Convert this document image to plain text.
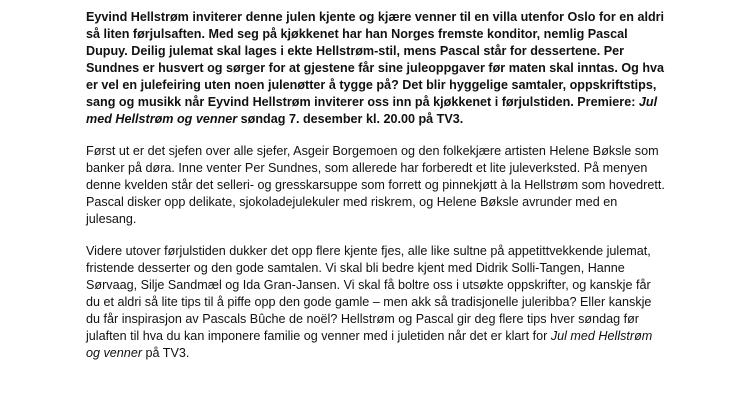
Eyvind Hellstrøm inviterer denne julen kjente og kjære venner til en villa utenfor Oslo for en aldri så liten førjulsaften. Med seg på kjøkkenet har han Norges fremste konditor, nemlig Pascal Dupuy. Deilig julemat skal lages i ekte Hellstrøm-stil, mens Pascal står for dessertene. Per Sundnes er husvert og sørger for at gjestene får sine juleoppgaver før maten skal inntas. Og hva er vel en julefeiring uten noen julenøtter å tygge på? Det blir hyggelige samtaler, oppskriftstips, sang og musikk når Eyvind Hellstrøm inviterer oss inn på kjøkkenet i førjulstiden. Premiere: Jul med Hellstrøm og venner søndag 7. desember kl. 20.00 på TV3.

Først ut er det sjefen over alle sjefer, Asgeir Borgemoen og den folkekjære artisten Helene Bøksle som banker på døra. Inne venter Per Sundnes, som allerede har forberedt et lite juleverksted. På menyen denne kvelden står det selleri- og gresskarsuppe som forrett og pinnekjøtt à la Hellstrøm som hovedrett. Pascal disker opp delikate, sjokoladejulekuler med riskrem, og Helene Bøksle avrunder med en julesang.

Videre utover førjulstiden dukker det opp flere kjente fjes, alle like sultne på appetittvekkende julemat, fristende desserter og den gode samtalen. Vi skal bli bedre kjent med Didrik Solli-Tangen, Hanne Sørvaag, Silje Sandmæl og Ida Gran-Jansen. Vi skal få boltre oss i utsøkte oppskrifter, og kanskje får du et aldri så lite tips til å piffe opp den gode gamle – men akk så tradisjonelle juleribba? Eller kanskje du får inspirasjon av Pascals Bûche de noël? Hellstrøm og Pascal gir deg flere tips hver søndag før julaften til hva du kan imponere familie og venner med i juletiden når det er klart for Jul med Hellstrøm og venner på TV3.
